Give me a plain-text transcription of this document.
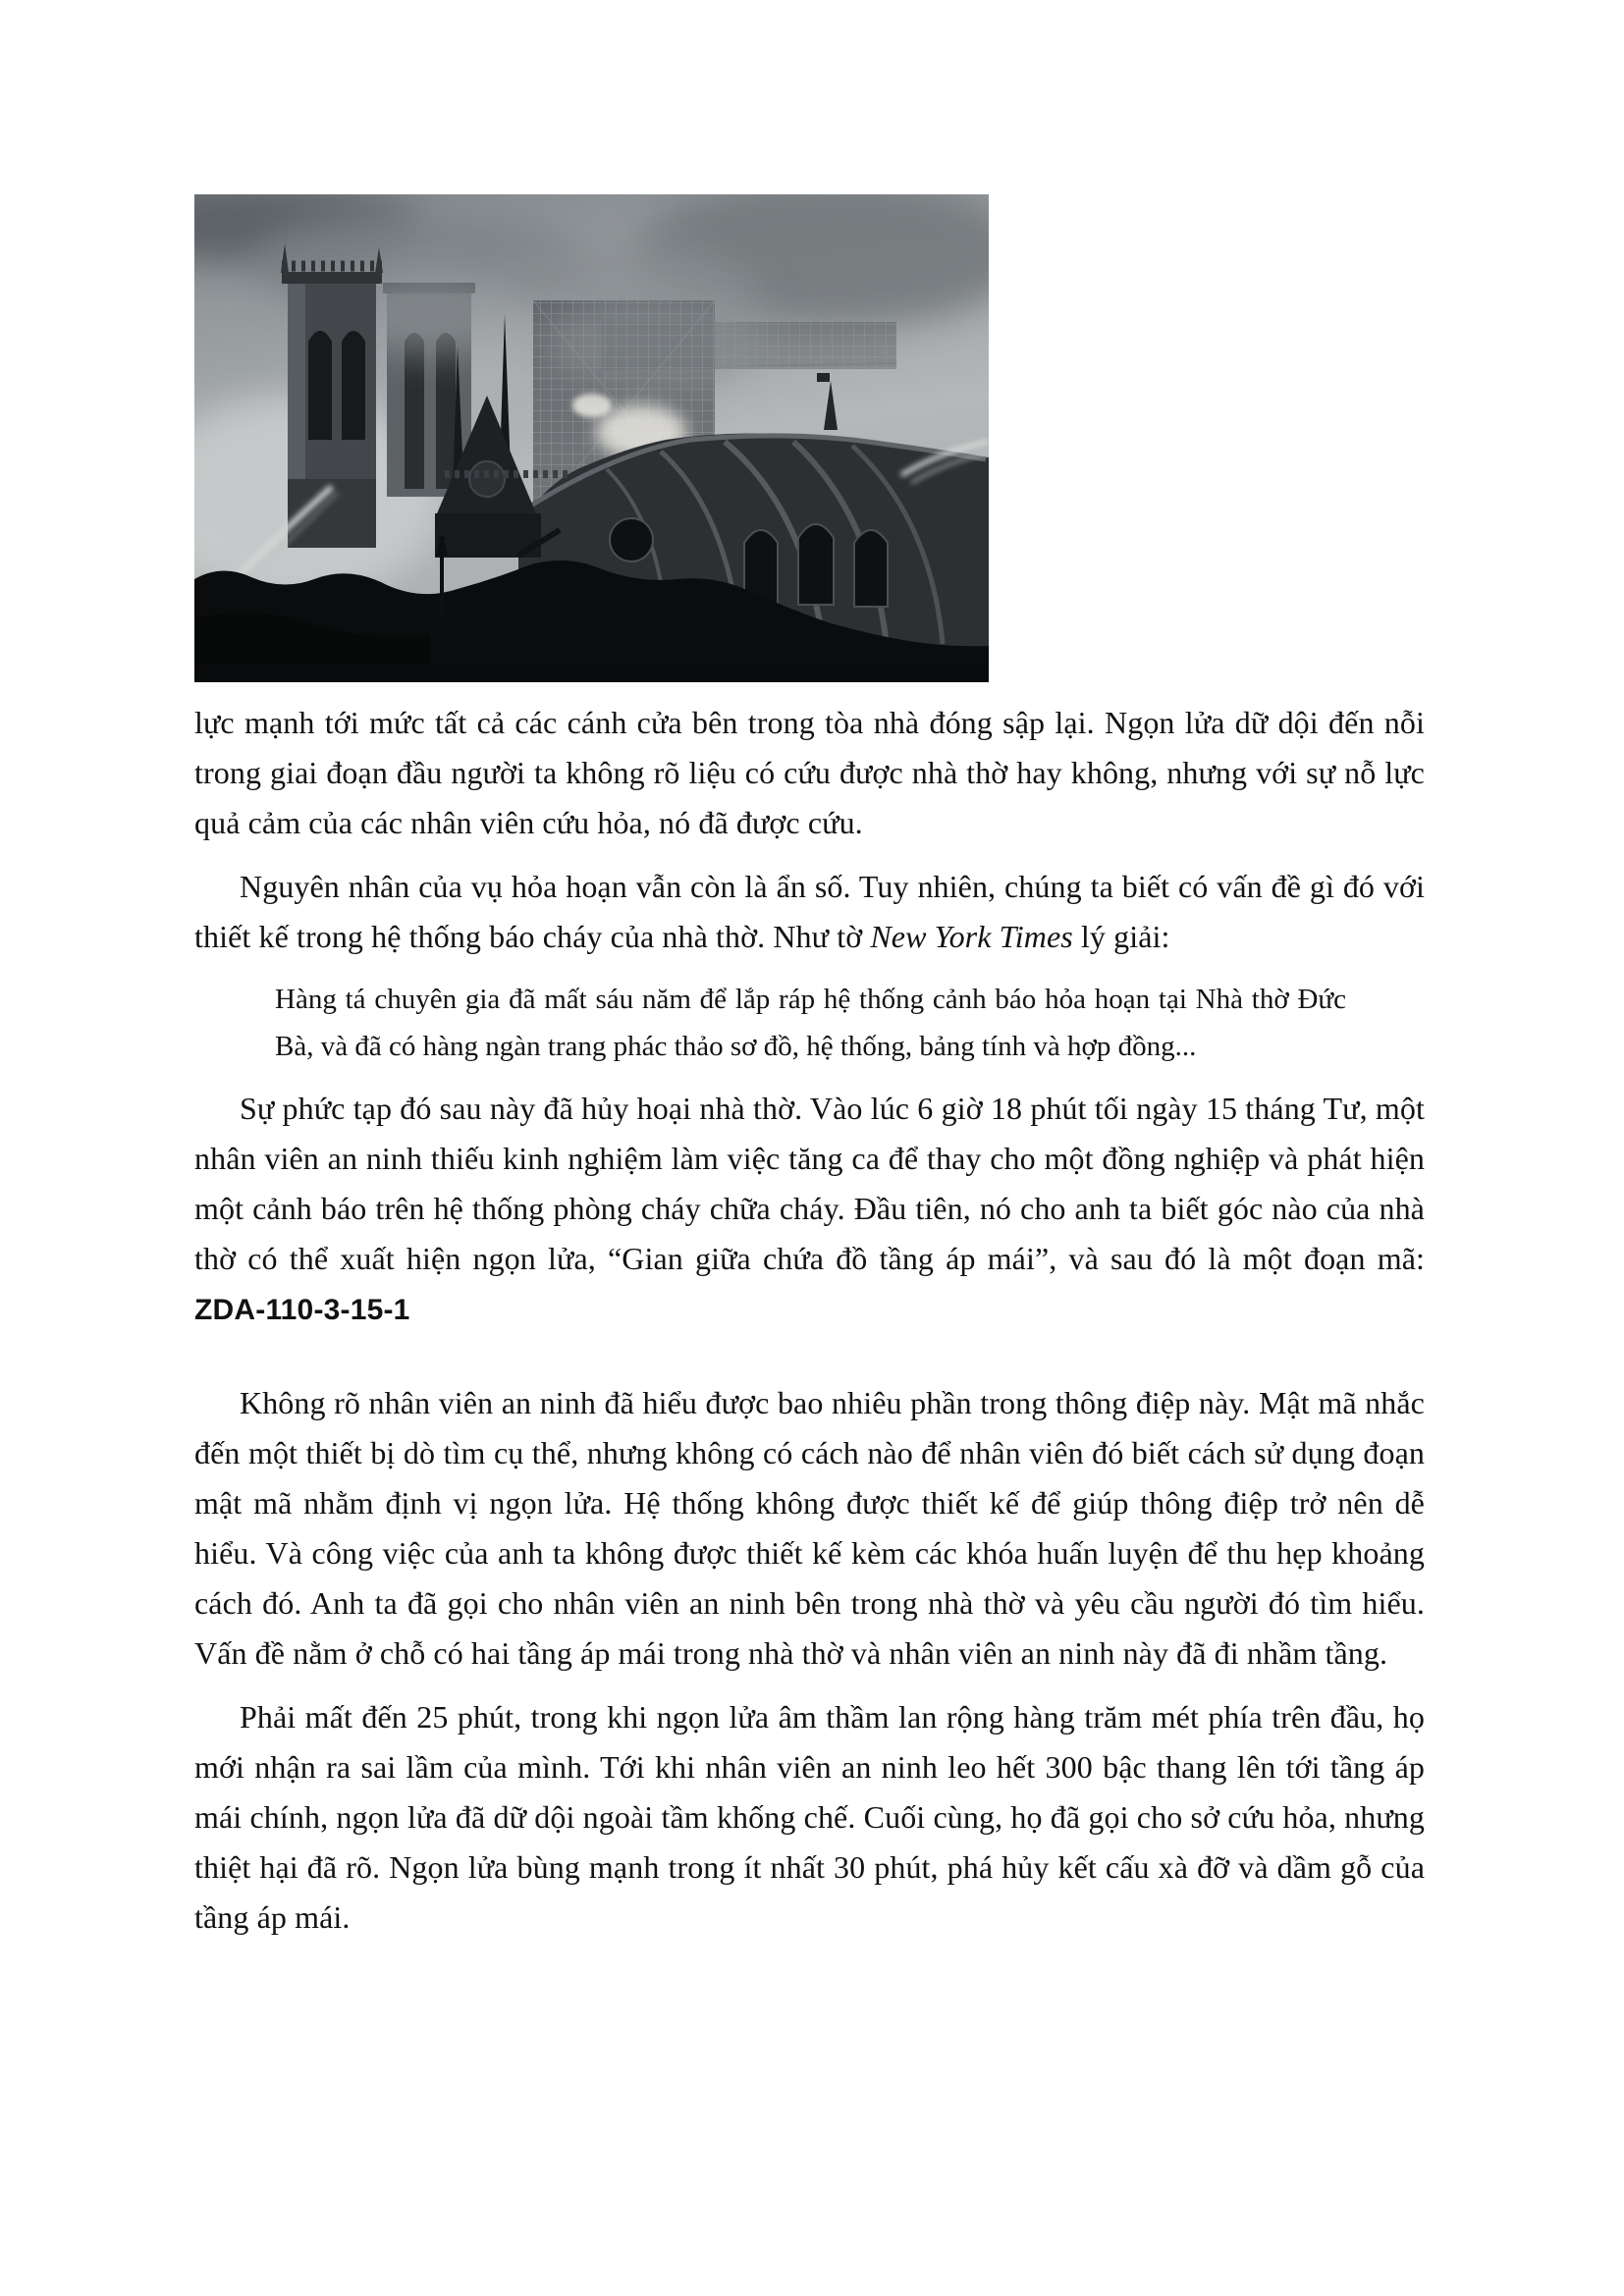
lực mạnh tới mức tất cả các cánh cửa bên trong tòa nhà đóng sập lại. Ngọn lửa dữ dội đến nỗi trong giai đoạn đầu người ta không rõ liệu có cứu được nhà thờ hay không, nhưng với sự nỗ lực quả cảm của các nhân viên cứu hỏa, nó đã được cứu.

Nguyên nhân của vụ hỏa hoạn vẫn còn là ẩn số. Tuy nhiên, chúng ta biết có vấn đề gì đó với thiết kế trong hệ thống báo cháy của nhà thờ. Như tờ New York Times lý giải:

Hàng tá chuyên gia đã mất sáu năm để lắp ráp hệ thống cảnh báo hỏa hoạn tại Nhà thờ Đức Bà, và đã có hàng ngàn trang phác thảo sơ đồ, hệ thống, bảng tính và hợp đồng...

Sự phức tạp đó sau này đã hủy hoại nhà thờ. Vào lúc 6 giờ 18 phút tối ngày 15 tháng Tư, một nhân viên an ninh thiếu kinh nghiệm làm việc tăng ca để thay cho một đồng nghiệp và phát hiện một cảnh báo trên hệ thống phòng cháy chữa cháy. Đầu tiên, nó cho anh ta biết góc nào của nhà thờ có thể xuất hiện ngọn lửa, “Gian giữa chứa đồ tầng áp mái”, và sau đó là một đoạn mã: ZDA-110-3-15-1

Không rõ nhân viên an ninh đã hiểu được bao nhiêu phần trong thông điệp này. Mật mã nhắc đến một thiết bị dò tìm cụ thể, nhưng không có cách nào để nhân viên đó biết cách sử dụng đoạn mật mã nhằm định vị ngọn lửa. Hệ thống không được thiết kế để giúp thông điệp trở nên dễ hiểu. Và công việc của anh ta không được thiết kế kèm các khóa huấn luyện để thu hẹp khoảng cách đó. Anh ta đã gọi cho nhân viên an ninh bên trong nhà thờ và yêu cầu người đó tìm hiểu. Vấn đề nằm ở chỗ có hai tầng áp mái trong nhà thờ và nhân viên an ninh này đã đi nhầm tầng.

Phải mất đến 25 phút, trong khi ngọn lửa âm thầm lan rộng hàng trăm mét phía trên đầu, họ mới nhận ra sai lầm của mình. Tới khi nhân viên an ninh leo hết 300 bậc thang lên tới tầng áp mái chính, ngọn lửa đã dữ dội ngoài tầm khống chế. Cuối cùng, họ đã gọi cho sở cứu hỏa, nhưng thiệt hại đã rõ. Ngọn lửa bùng mạnh trong ít nhất 30 phút, phá hủy kết cấu xà đỡ và dầm gỗ của tầng áp mái.
